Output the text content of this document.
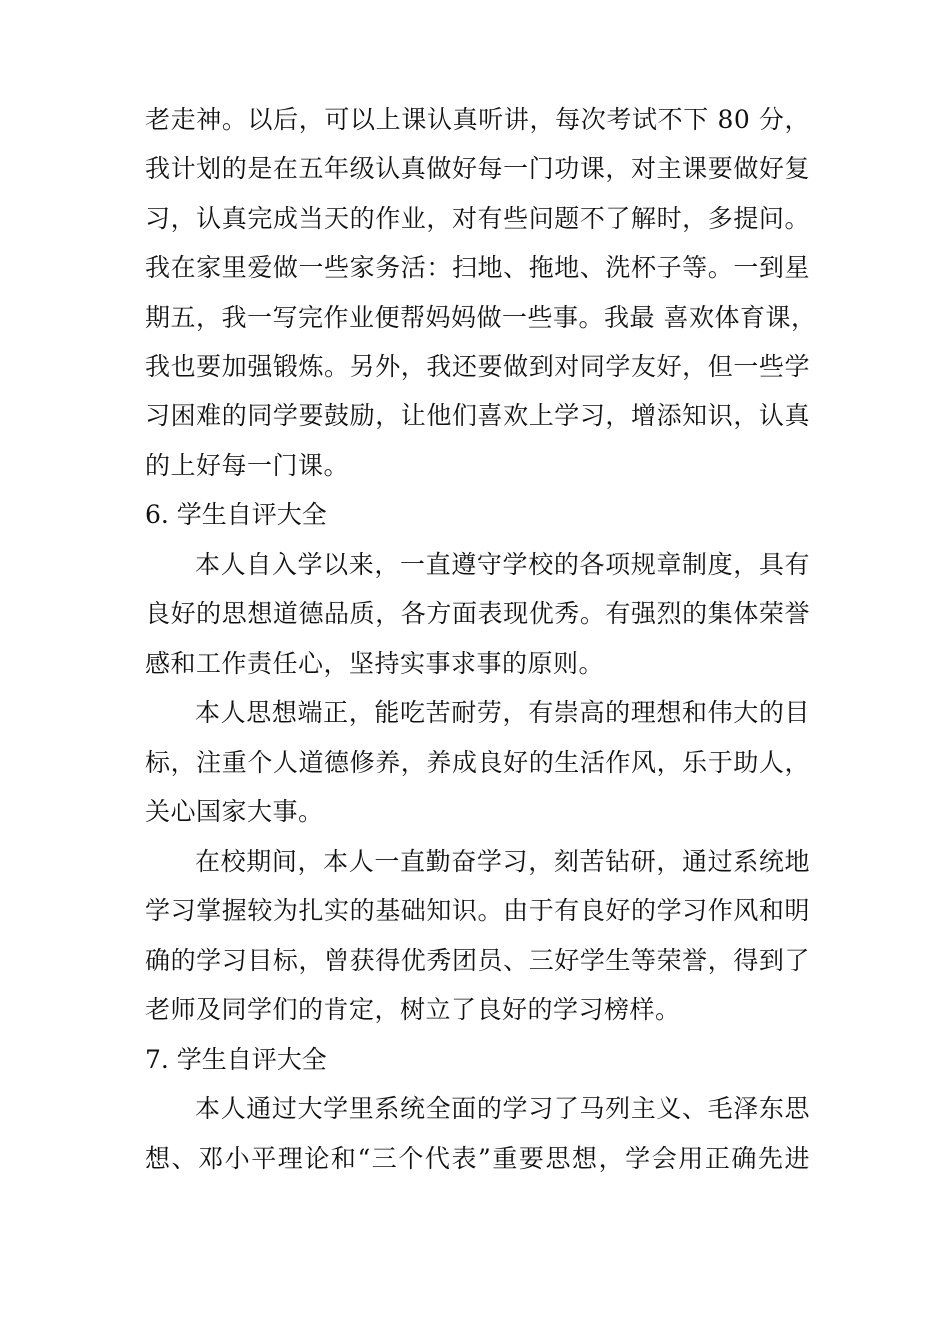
老走神。以后，可以上课认真听讲，每次考试不下 80 分，
我计划的是在五年级认真做好每一门功课，对主课要做好复
习，认真完成当天的作业，对有些问题不了解时，多提问。
我在家里爱做一些家务活：扫地、拖地、洗杯子等。一到星
期五，我一写完作业便帮妈妈做一些事。我最 喜欢体育课，
我也要加强锻炼。另外，我还要做到对同学友好，但一些学
习困难的同学要鼓励，让他们喜欢上学习，增添知识，认真
的上好每一门课。
6. 学生自评大全
本人自入学以来，一直遵守学校的各项规章制度，具有
良好的思想道德品质，各方面表现优秀。有强烈的集体荣誉
感和工作责任心，坚持实事求事的原则。
本人思想端正，能吃苦耐劳，有崇高的理想和伟大的目
标，注重个人道德修养，养成良好的生活作风，乐于助人，
关心国家大事。
在校期间，本人一直勤奋学习，刻苦钻研，通过系统地
学习掌握较为扎实的基础知识。由于有良好的学习作风和明
确的学习目标，曾获得优秀团员、三好学生等荣誉，得到了
老师及同学们的肯定，树立了良好的学习榜样。
7. 学生自评大全
本人通过大学里系统全面的学习了马列主义、毛泽东思
想、邓小平理论和“三个代表”重要思想，学会用正确先进
